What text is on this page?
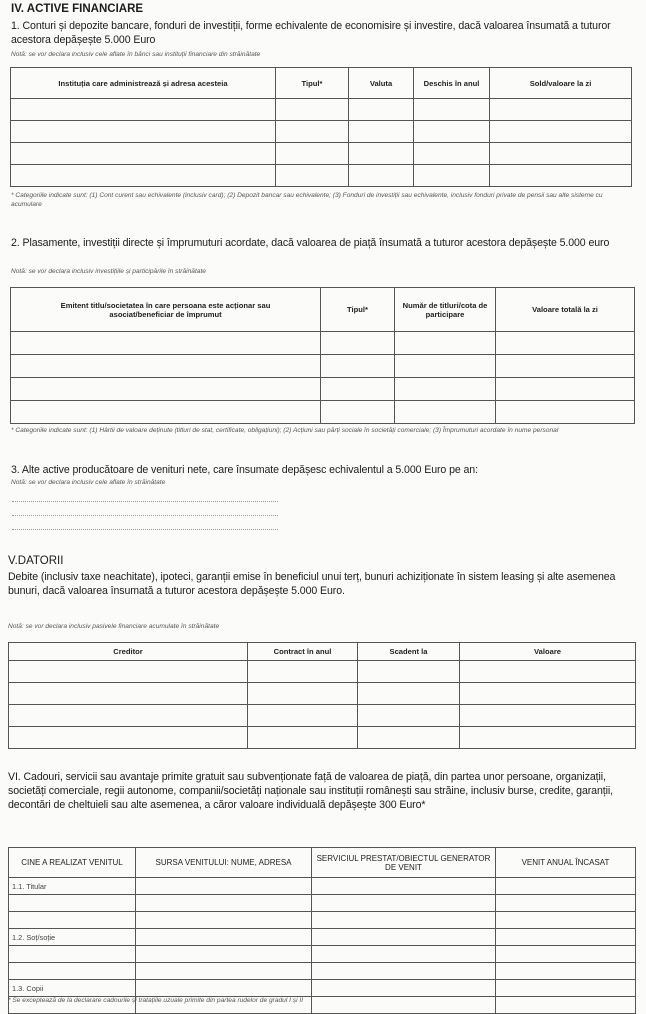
IV. ACTIVE FINANCIARE
1. Conturi și depozite bancare, fonduri de investiții, forme echivalente de economisire și investire, dacă valoarea însumată a tuturor acestora depășește 5.000 Euro
Notă: se vor declara inclusiv cele aflate în bănci sau instituții financiare din străinătate
Instituția care administrează și adresa acesteia	Tipul*	Valuta	Deschis în anul	Sold/valoare la zi

* Categoriile indicate sunt: (1) Cont curent sau echivalente (inclusiv card); (2) Depozit bancar sau echivalente; (3) Fonduri de investiții sau echivalente, inclusiv fonduri private de pensii sau alte sisteme cu acumulare
2. Plasamente, investiții directe și împrumuturi acordate, dacă valoarea de piață însumată a tuturor acestora depășește 5.000 euro
Notă: se vor declara inclusiv investițiile și participările în străinătate
Emitent titlu/societatea în care persoana este acționar sau asociat/beneficiar de împrumut	Tipul*	Număr de titluri/cota de participare	Valoare totală la zi

* Categoriile indicate sunt: (1) Hârtii de valoare deținute (titluri de stat, certificate, obligațiuni); (2) Acțiuni sau părți sociale în societăți comerciale; (3) Împrumuturi acordate în nume personal
3. Alte active producătoare de venituri nete, care însumate depășesc echivalentul a 5.000 Euro pe an:
Notă: se vor declara inclusiv cele aflate în străinătate
V.DATORII
Debite (inclusiv taxe neachitate), ipoteci, garanții emise în beneficiul unui terț, bunuri achiziționate în sistem leasing și alte asemenea bunuri, dacă valoarea însumată a tuturor acestora depășește 5.000 Euro.
Notă: se vor declara inclusiv pasivele financiare acumulate în străinătate
Creditor	Contract în anul	Scadent la	Valoare

VI. Cadouri, servicii sau avantaje primite gratuit sau subvenționate față de valoarea de piață, din partea unor persoane, organizații, societăți comerciale, regii autonome, companii/societăți naționale sau instituții românești sau străine, inclusiv burse, credite, garanții, decontări de cheltuieli sau alte asemenea, a căror valoare individuală depășește 300 Euro*
CINE A REALIZAT VENITUL	SURSA VENITULUI: NUME, ADRESA	SERVICIUL PRESTAT/OBIECTUL GENERATOR DE VENIT	VENIT ANUAL ÎNCASAT
1.1. Titular			

1.2. Soț/soție			

1.3. Copii			

* Se exceptează de la declarare cadourile și tratațiile uzuale primite din partea rudelor de gradul I și II
